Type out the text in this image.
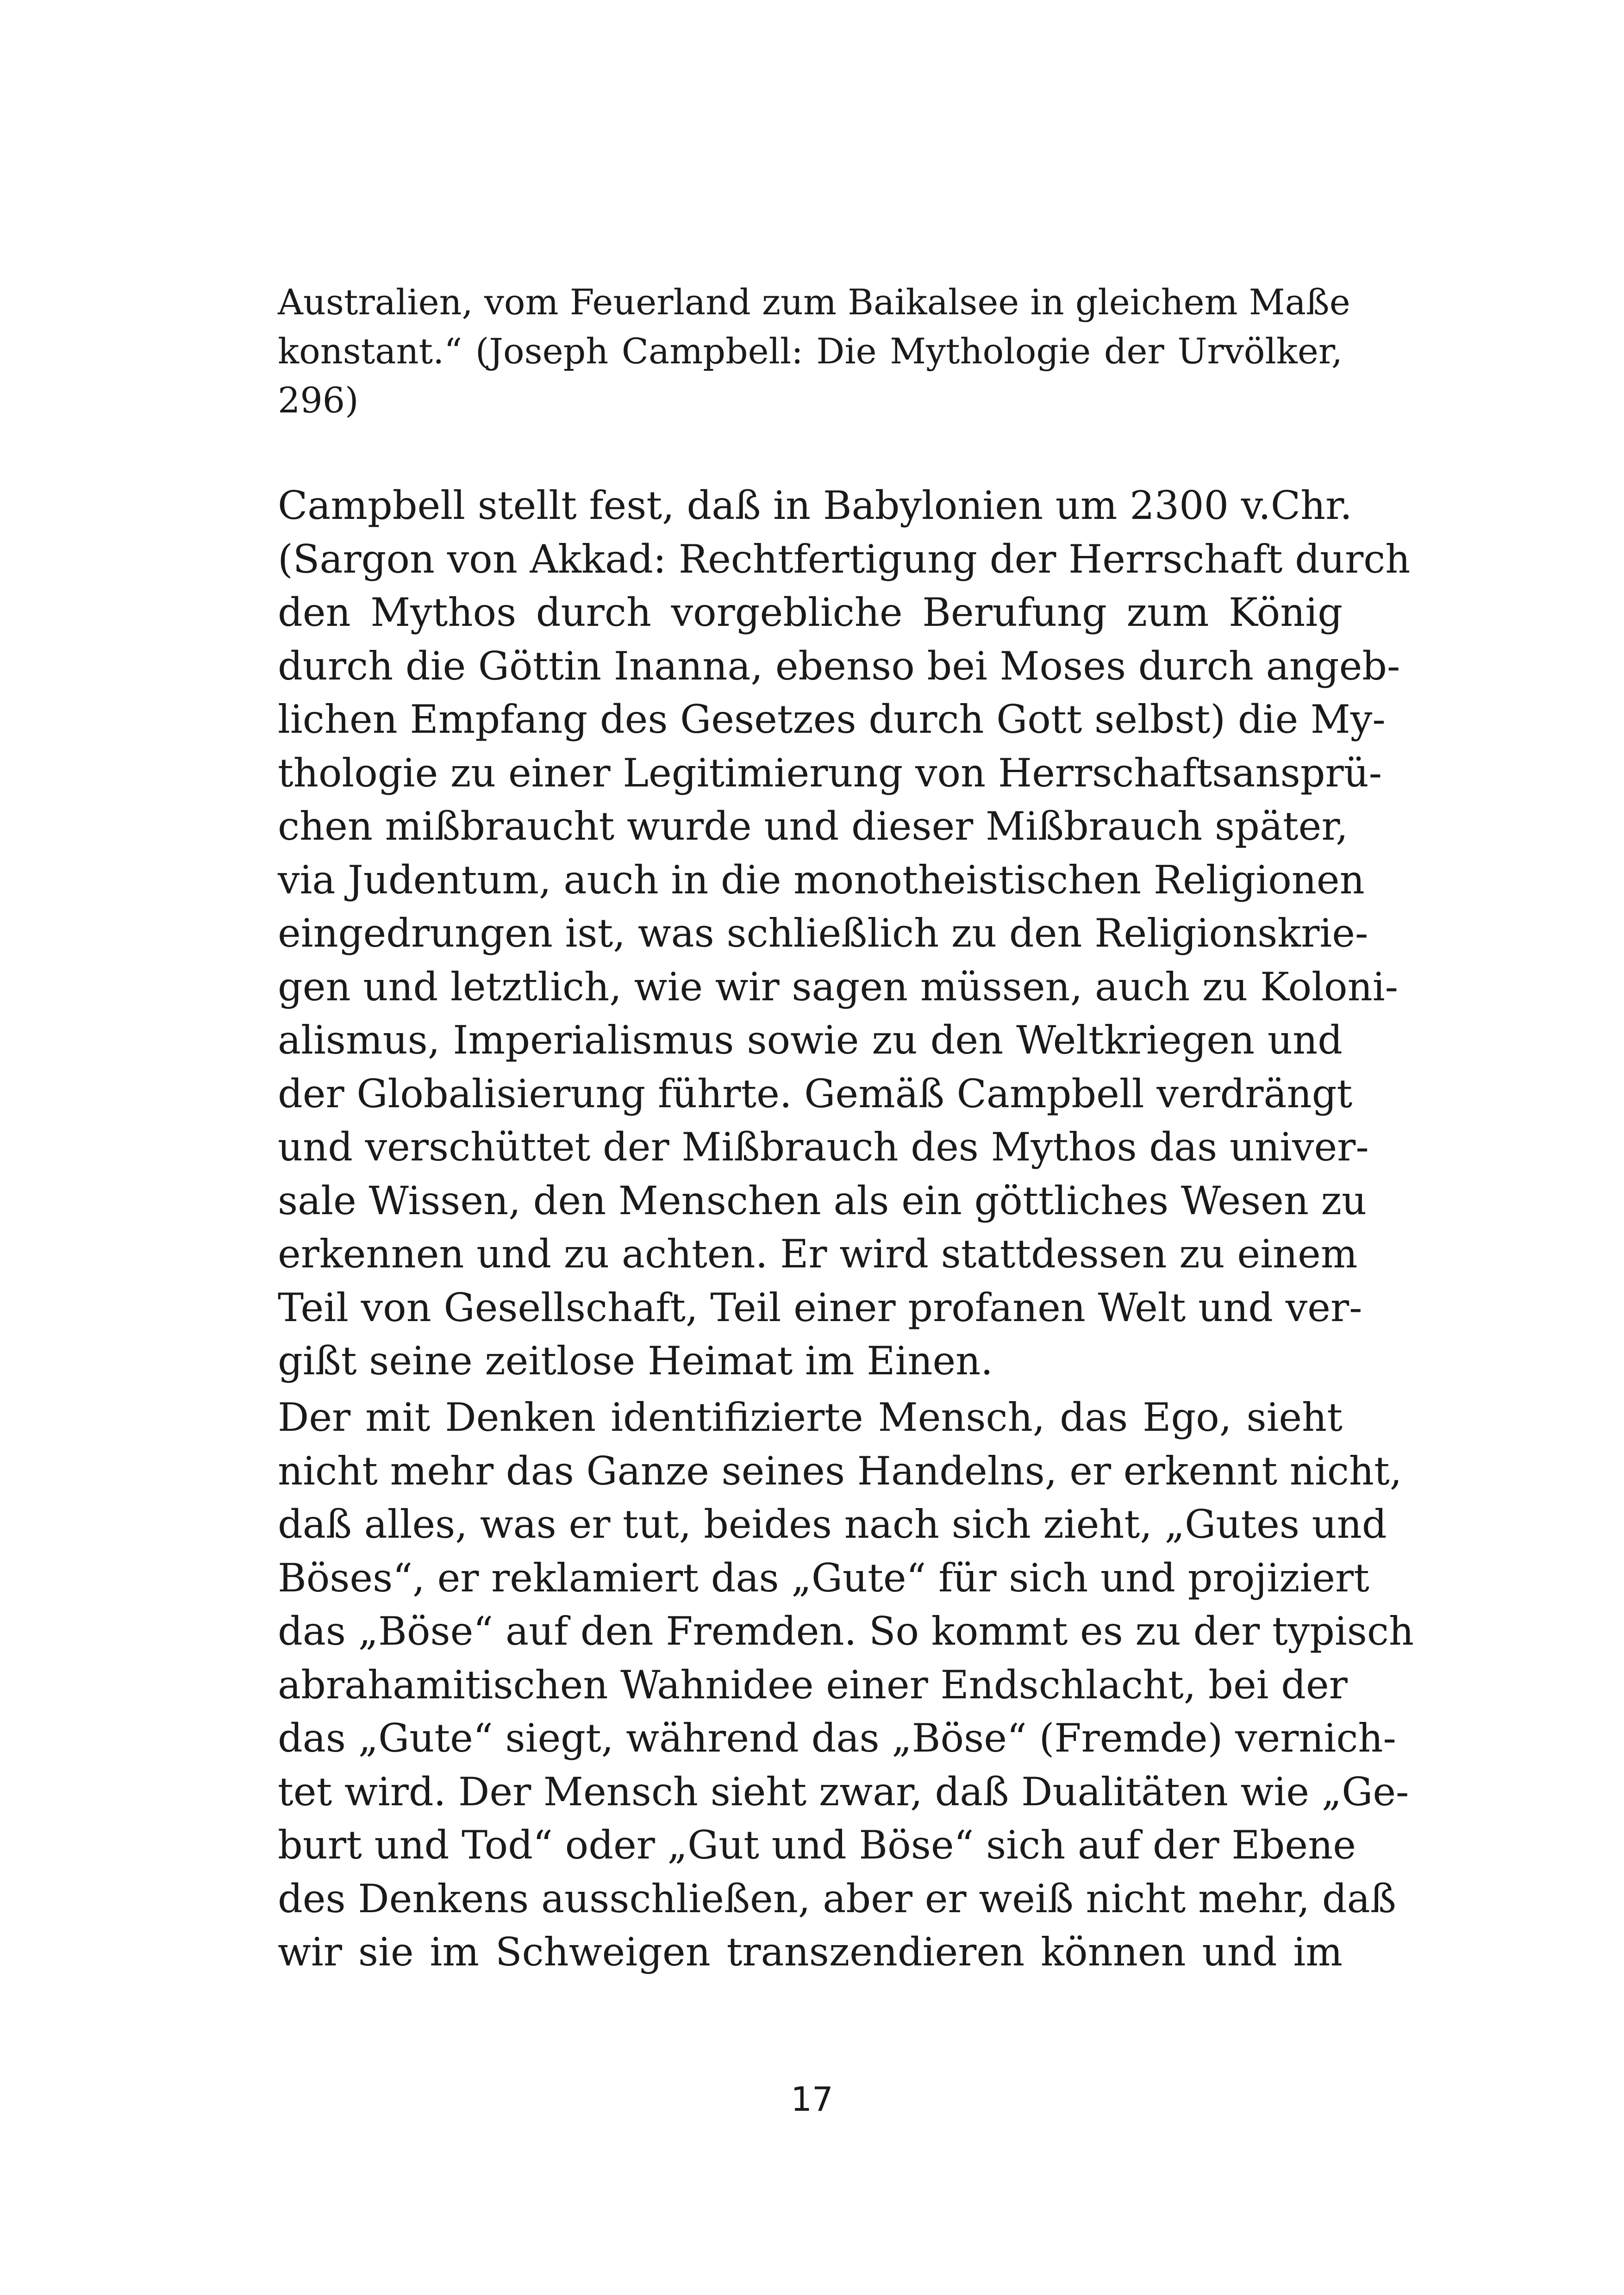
Australien, vom Feuerland zum Baikalsee in gleichem Maße
konstant.“ (Joseph Campbell: Die Mythologie der Urvölker,
296)
Campbell stellt fest, daß in Babylonien um 2300 v.Chr.
(Sargon von Akkad: Rechtfertigung der Herrschaft durch
den Mythos durch vorgebliche Berufung zum König
durch die Göttin Inanna, ebenso bei Moses durch angeb-
lichen Empfang des Gesetzes durch Gott selbst) die My-
thologie zu einer Legitimierung von Herrschaftsansprü-
chen mißbraucht wurde und dieser Mißbrauch später,
via Judentum, auch in die monotheistischen Religionen
eingedrungen ist, was schließlich zu den Religionskrie-
gen und letztlich, wie wir sagen müssen, auch zu Koloni-
alismus, Imperialismus sowie zu den Weltkriegen und
der Globalisierung führte. Gemäß Campbell verdrängt
und verschüttet der Mißbrauch des Mythos das univer-
sale Wissen, den Menschen als ein göttliches Wesen zu
erkennen und zu achten. Er wird stattdessen zu einem
Teil von Gesellschaft, Teil einer profanen Welt und ver-
gißt seine zeitlose Heimat im Einen.
Der mit Denken identifizierte Mensch, das Ego, sieht
nicht mehr das Ganze seines Handelns, er erkennt nicht,
daß alles, was er tut, beides nach sich zieht, „Gutes und
Böses“, er reklamiert das „Gute“ für sich und projiziert
das „Böse“ auf den Fremden. So kommt es zu der typisch
abrahamitischen Wahnidee einer Endschlacht, bei der
das „Gute“ siegt, während das „Böse“ (Fremde) vernich-
tet wird. Der Mensch sieht zwar, daß Dualitäten wie „Ge-
burt und Tod“ oder „Gut und Böse“ sich auf der Ebene
des Denkens ausschließen, aber er weiß nicht mehr, daß
wir sie im Schweigen transzendieren können und im
17
